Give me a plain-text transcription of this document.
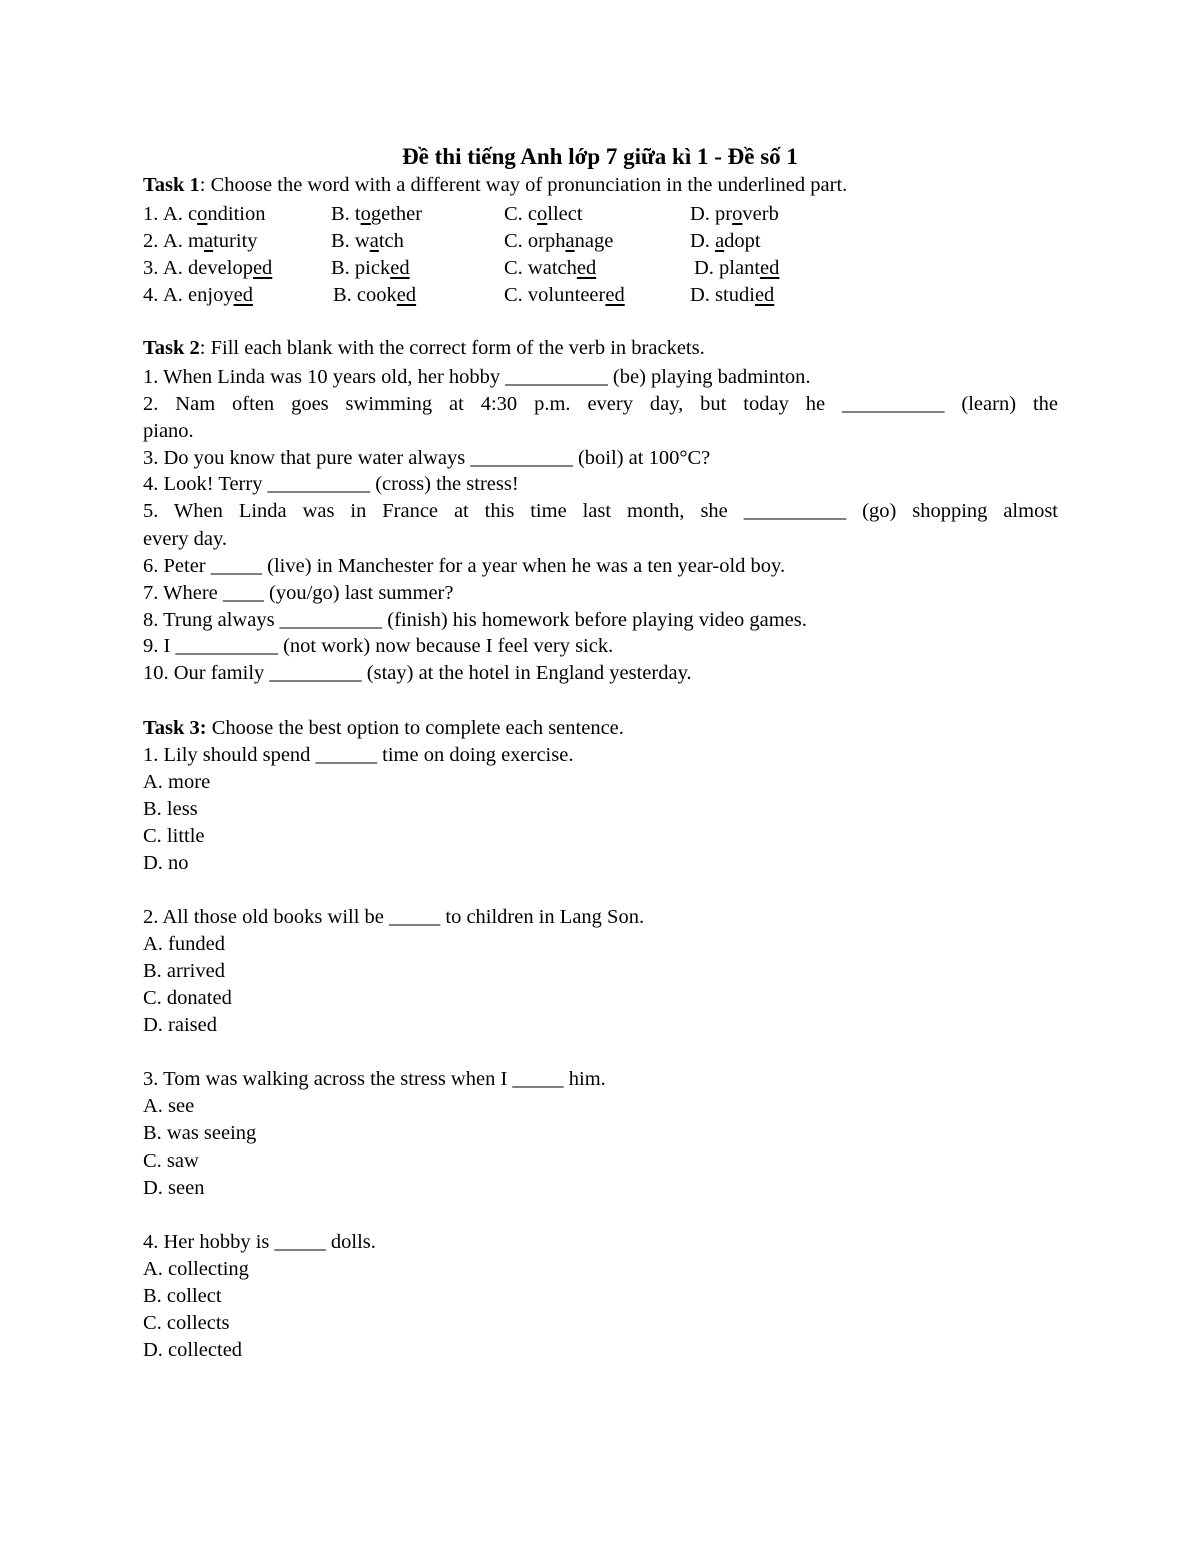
Đề thi tiếng Anh lớp 7 giữa kì 1 - Đề số 1
Task 1: Choose the word with a different way of pronunciation in the underlined part.
1. A. condition	B. together	C. collect	D. proverb
2. A. maturity	B. watch	C. orphanage	D. adopt
3. A. developed	B. picked	C. watched	D. planted
4. A. enjoyed	B. cooked	C. volunteered	D. studied
Task 2: Fill each blank with the correct form of the verb in brackets.
1. When Linda was 10 years old, her hobby __________ (be) playing badminton.
2. Nam often goes swimming at 4:30 p.m. every day, but today he __________ (learn) the
piano.
3. Do you know that pure water always __________ (boil) at 100°C?
4. Look! Terry __________ (cross) the stress!
5. When Linda was in France at this time last month, she __________ (go) shopping almost
every day.
6. Peter _____ (live) in Manchester for a year when he was a ten year-old boy.
7. Where ____ (you/go) last summer?
8. Trung always __________ (finish) his homework before playing video games.
9. I __________ (not work) now because I feel very sick.
10. Our family _________ (stay) at the hotel in England yesterday.
Task 3: Choose the best option to complete each sentence.
1. Lily should spend ______ time on doing exercise.
A. more
B. less
C. little
D. no
2. All those old books will be _____ to children in Lang Son.
A. funded
B. arrived
C. donated
D. raised
3. Tom was walking across the stress when I _____ him.
A. see
B. was seeing
C. saw
D. seen
4. Her hobby is _____ dolls.
A. collecting
B. collect
C. collects
D. collected
